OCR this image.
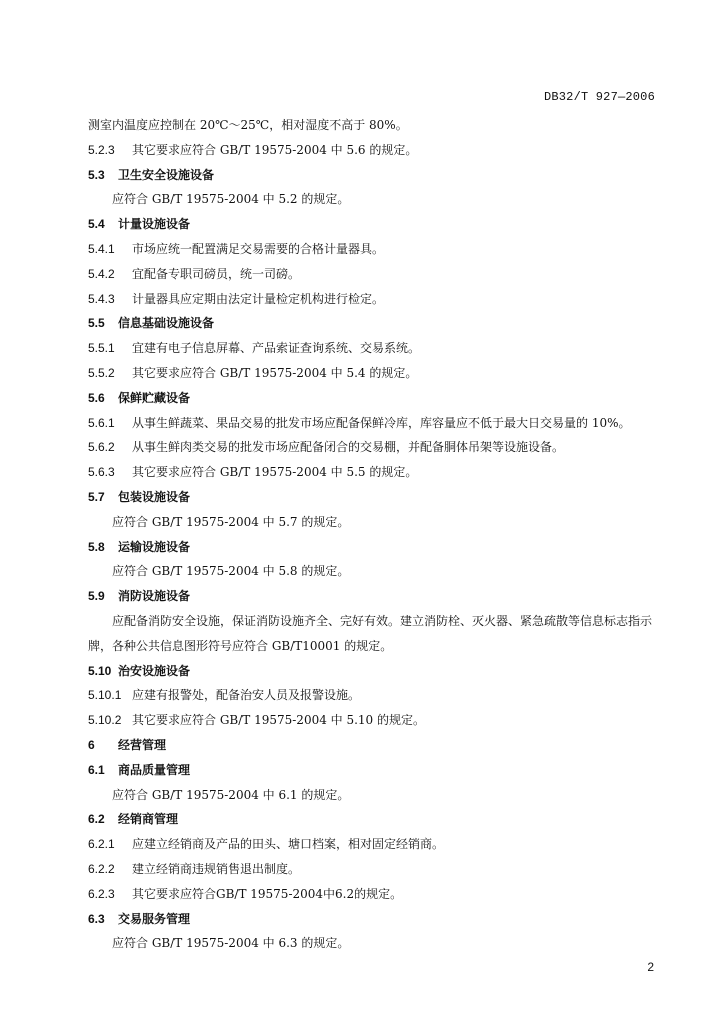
DB32/T 927—2006
测室内温度应控制在 20℃～25℃，相对湿度不高于 80%。
5.2.3 其它要求应符合 GB/T 19575-2004 中 5.6 的规定。
5.3 卫生安全设施设备
应符合 GB/T 19575-2004 中 5.2 的规定。
5.4 计量设施设备
5.4.1 市场应统一配置满足交易需要的合格计量器具。
5.4.2 宜配备专职司磅员，统一司磅。
5.4.3 计量器具应定期由法定计量检定机构进行检定。
5.5 信息基础设施设备
5.5.1 宜建有电子信息屏幕、产品索证查询系统、交易系统。
5.5.2 其它要求应符合 GB/T 19575-2004 中 5.4 的规定。
5.6 保鲜贮藏设备
5.6.1 从事生鲜蔬菜、果品交易的批发市场应配备保鲜冷库，库容量应不低于最大日交易量的 10%。
5.6.2 从事生鲜肉类交易的批发市场应配备闭合的交易棚，并配备胴体吊架等设施设备。
5.6.3 其它要求应符合 GB/T 19575-2004 中 5.5 的规定。
5.7 包装设施设备
应符合 GB/T 19575-2004 中 5.7 的规定。
5.8 运输设施设备
应符合 GB/T 19575-2004 中 5.8 的规定。
5.9 消防设施设备
应配备消防安全设施，保证消防设施齐全、完好有效。建立消防栓、灭火器、紧急疏散等信息标志指示牌，各种公共信息图形符号应符合 GB/T10001 的规定。
5.10 治安设施设备
5.10.1 应建有报警处，配备治安人员及报警设施。
5.10.2 其它要求应符合 GB/T 19575-2004 中 5.10 的规定。
6 经营管理
6.1 商品质量管理
应符合 GB/T 19575-2004 中 6.1 的规定。
6.2 经销商管理
6.2.1 应建立经销商及产品的田头、塘口档案，相对固定经销商。
6.2.2 建立经销商违规销售退出制度。
6.2.3 其它要求应符合GB/T 19575-2004中6.2的规定。
6.3 交易服务管理
应符合 GB/T 19575-2004 中 6.3 的规定。
2
